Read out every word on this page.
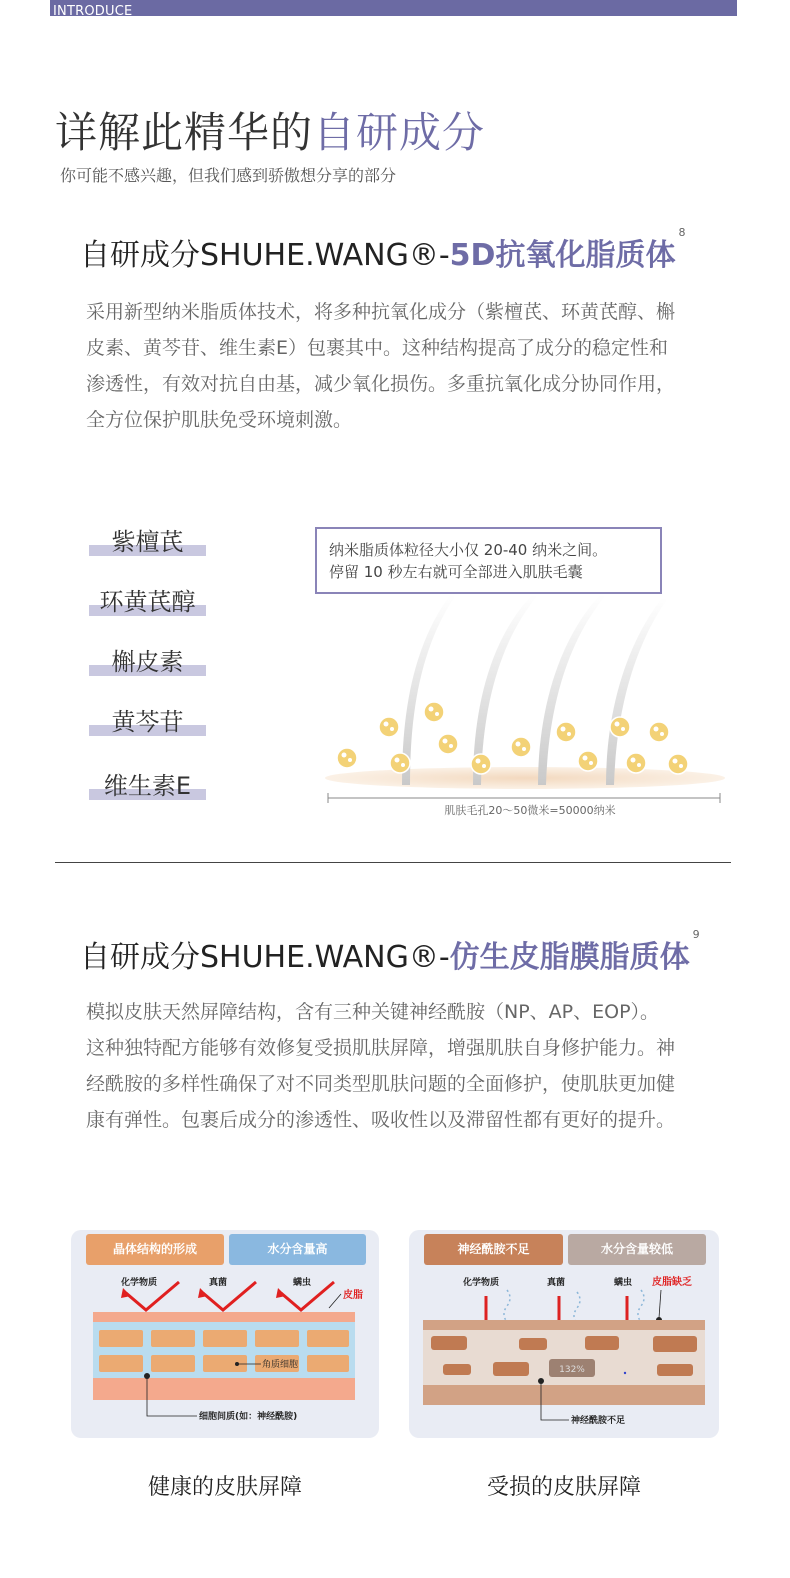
INTRODUCE
详解此精华的自研成分
你可能不感兴趣，但我们感到骄傲想分享的部分
自研成分SHUHE.WANG®-5D抗氧化脂质体$^8$
采用新型纳米脂质体技术，将多种抗氧化成分（紫檀芪、环黄芪醇、槲皮素、黄芩苷、维生素E）包裹其中。这种结构提高了成分的稳定性和渗透性，有效对抗自由基，减少氧化损伤。多重抗氧化成分协同作用，全方位保护肌肤免受环境刺激。
紫檀芪
环黄芪醇
槲皮素
黄芩苷
维生素E
肌肤毛孔20～50微米=50000纳米
纳米脂质体粒径大小仅 20-40 纳米之间。
停留 10 秒左右就可全部进入肌肤毛囊
自研成分SHUHE.WANG®-仿生皮脂膜脂质体$^9$
模拟皮肤天然屏障结构，含有三种关键神经酰胺（NP、AP、EOP）。这种独特配方能够有效修复受损肌肤屏障，增强肌肤自身修护能力。神经酰胺的多样性确保了对不同类型肌肤问题的全面修护，使肌肤更加健康有弹性。包裹后成分的渗透性、吸收性以及滞留性都有更好的提升。
晶体结构的形成	水分含量高
化学物质	真菌	螨虫
皮脂
角质细胞
细胞间质(如：神经酰胺)
神经酰胺不足	水分含量较低
化学物质	真菌	螨虫 皮脂缺乏
132%
神经酰胺不足
健康的皮肤屏障	受损的皮肤屏障
